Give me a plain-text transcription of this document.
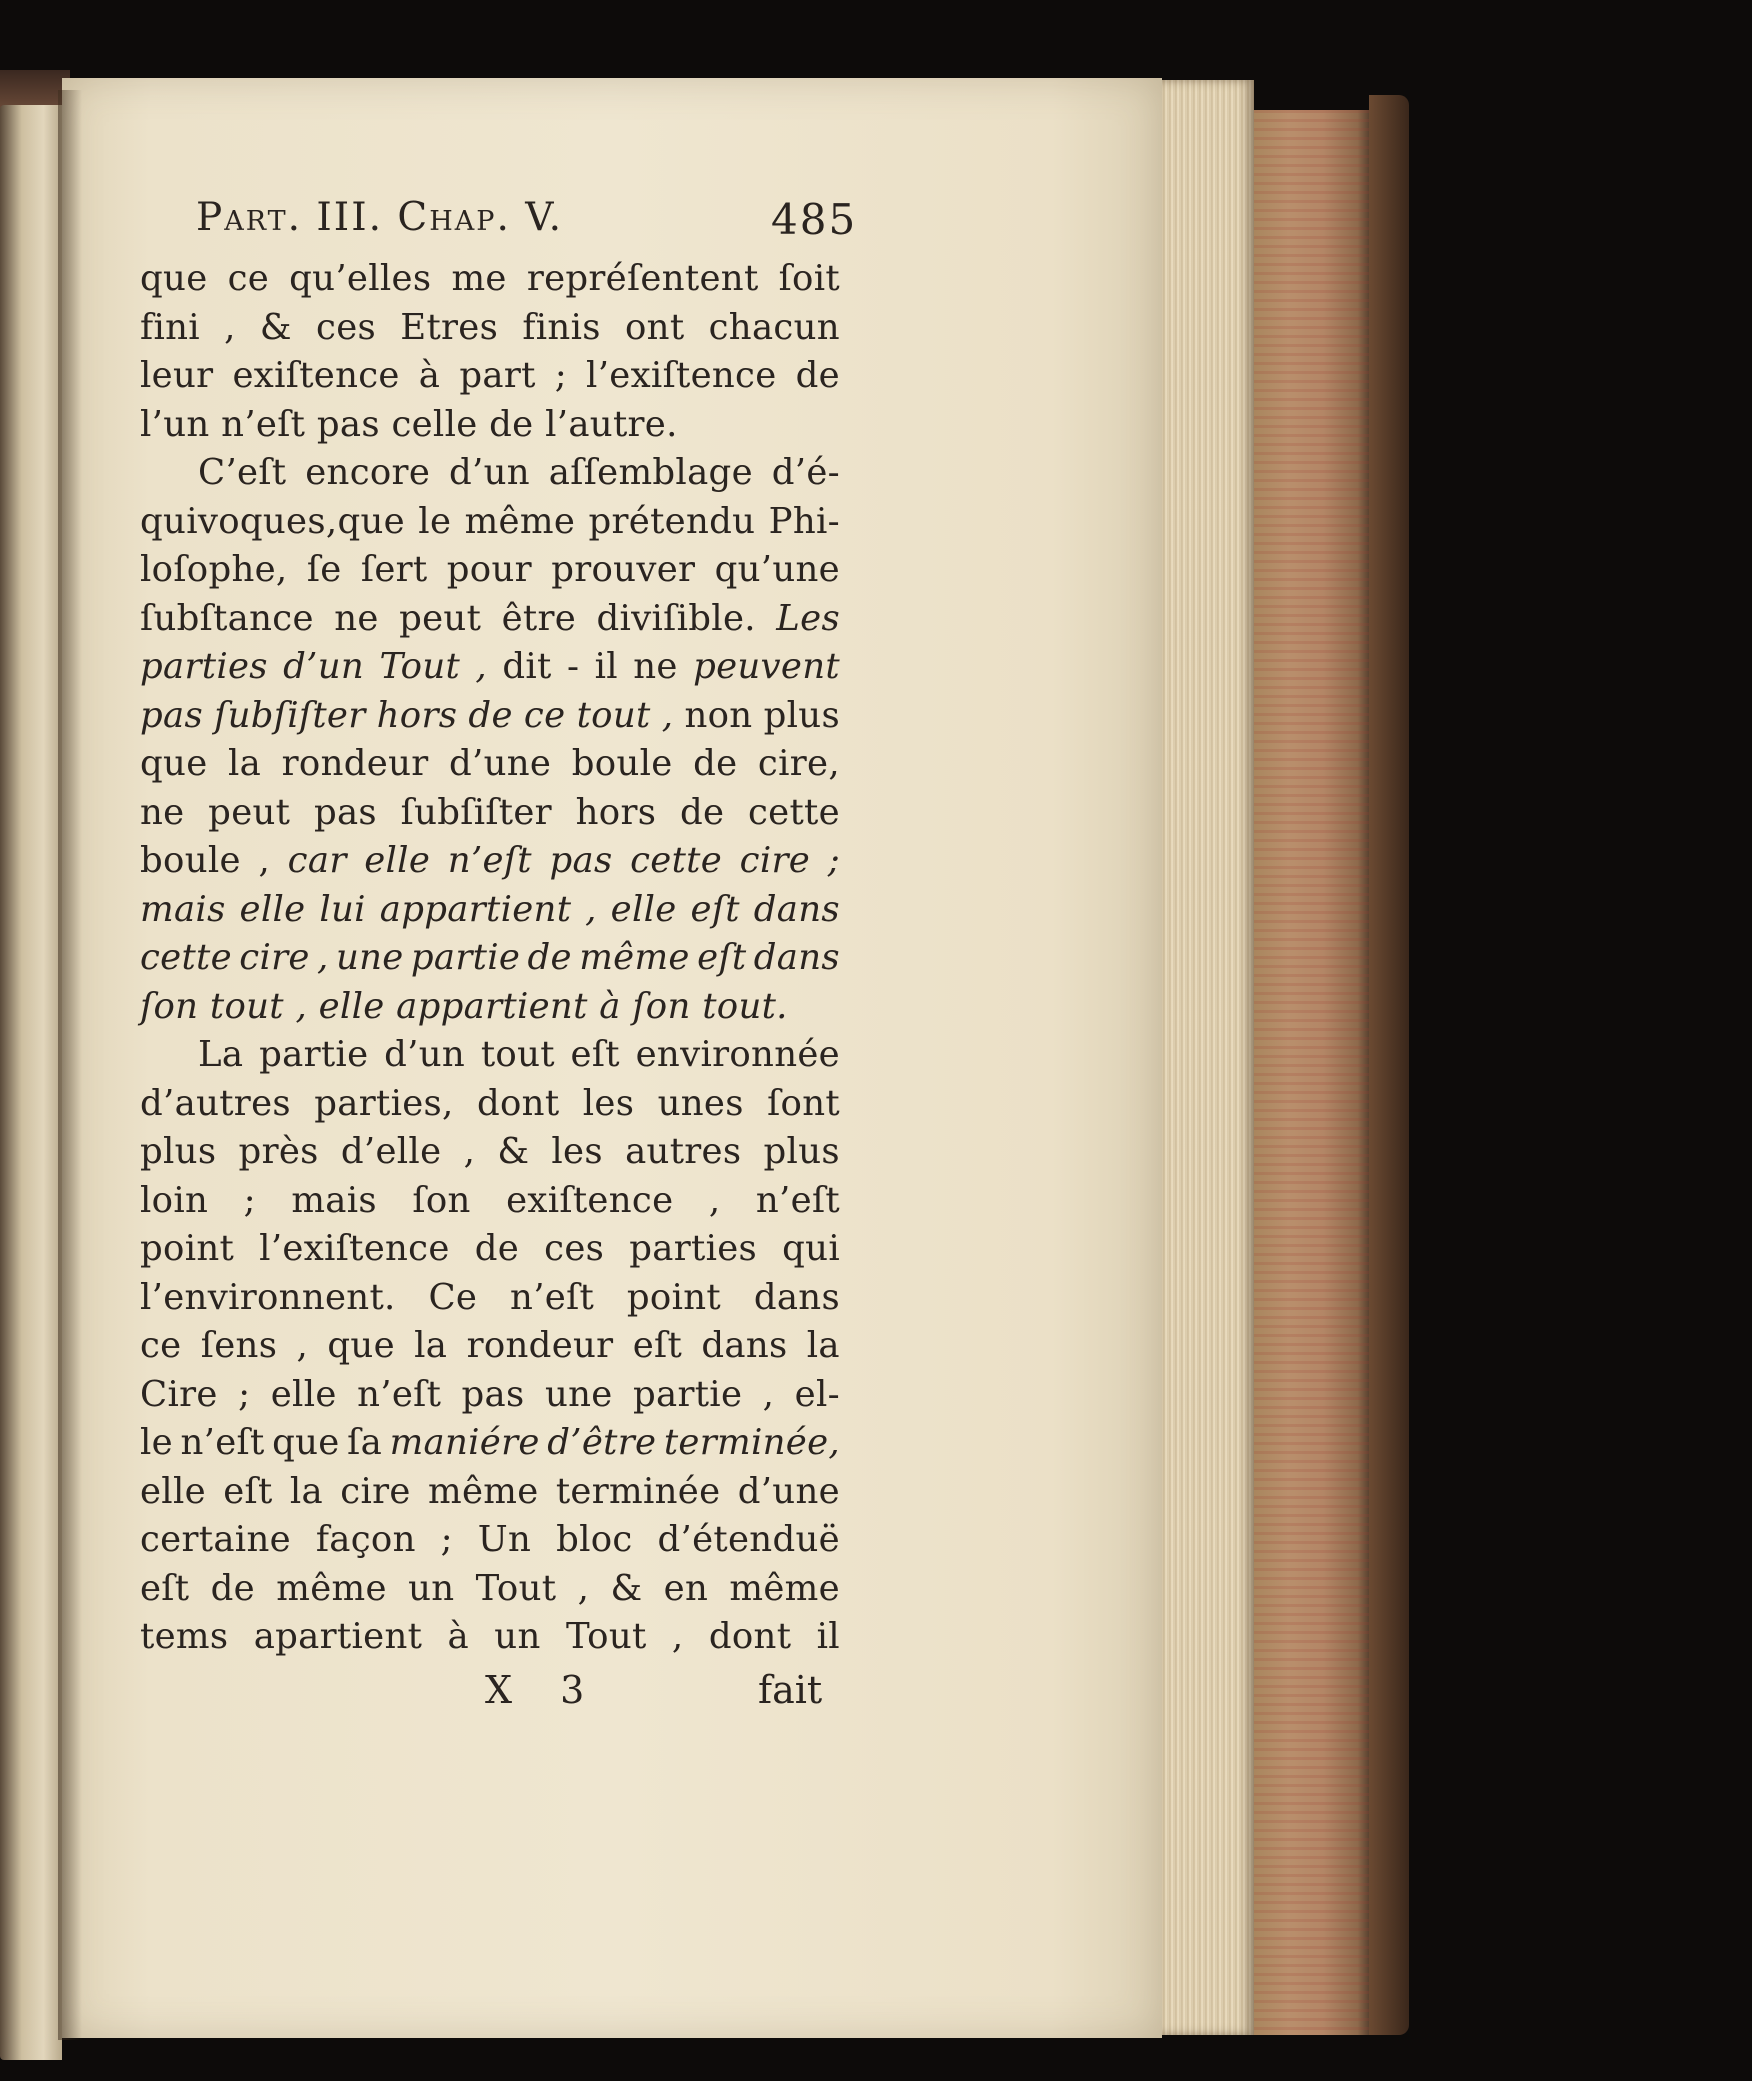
Part. III. Chap. V.	485
que ce qu’elles me repréſentent ſoit
fini , & ces Etres finis ont chacun
leur exiſtence à part ; l’exiſtence de
l’un
n’eſt
pas
celle
de
l’autre.
C’eſt encore d’un aſſemblage d’é-
quivoques,que le même prétendu Phi-
loſophe, ſe ſert pour prouver qu’une
ſubſtance ne peut être diviſible. Les
parties d’un Tout , dit - il ne peuvent
pas ſubſiſter hors de ce tout , non plus
que la rondeur d’une boule de cire,
ne peut pas ſubſiſter hors de cette
boule , car elle n’eſt pas cette cire ;
mais elle lui appartient , elle eſt dans
cette cire , une partie de même eſt dans
ſon
tout
,
elle
appartient
à
ſon
tout.
La partie d’un tout eſt environnée
d’autres parties, dont les unes ſont
plus près d’elle , & les autres plus
loin ; mais ſon exiſtence , n’eſt
point l’exiſtence de ces parties qui
l’environnent. Ce n’eſt point dans
ce ſens , que la rondeur eſt dans la
Cire ; elle n’eſt pas une partie , el-
le n’eſt que ſa maniére d’être terminée,
elle eſt la cire même terminée d’une
certaine façon ; Un bloc d’étenduë
eſt de même un Tout , & en même
tems apartient à un Tout , dont il
X 3	fait
